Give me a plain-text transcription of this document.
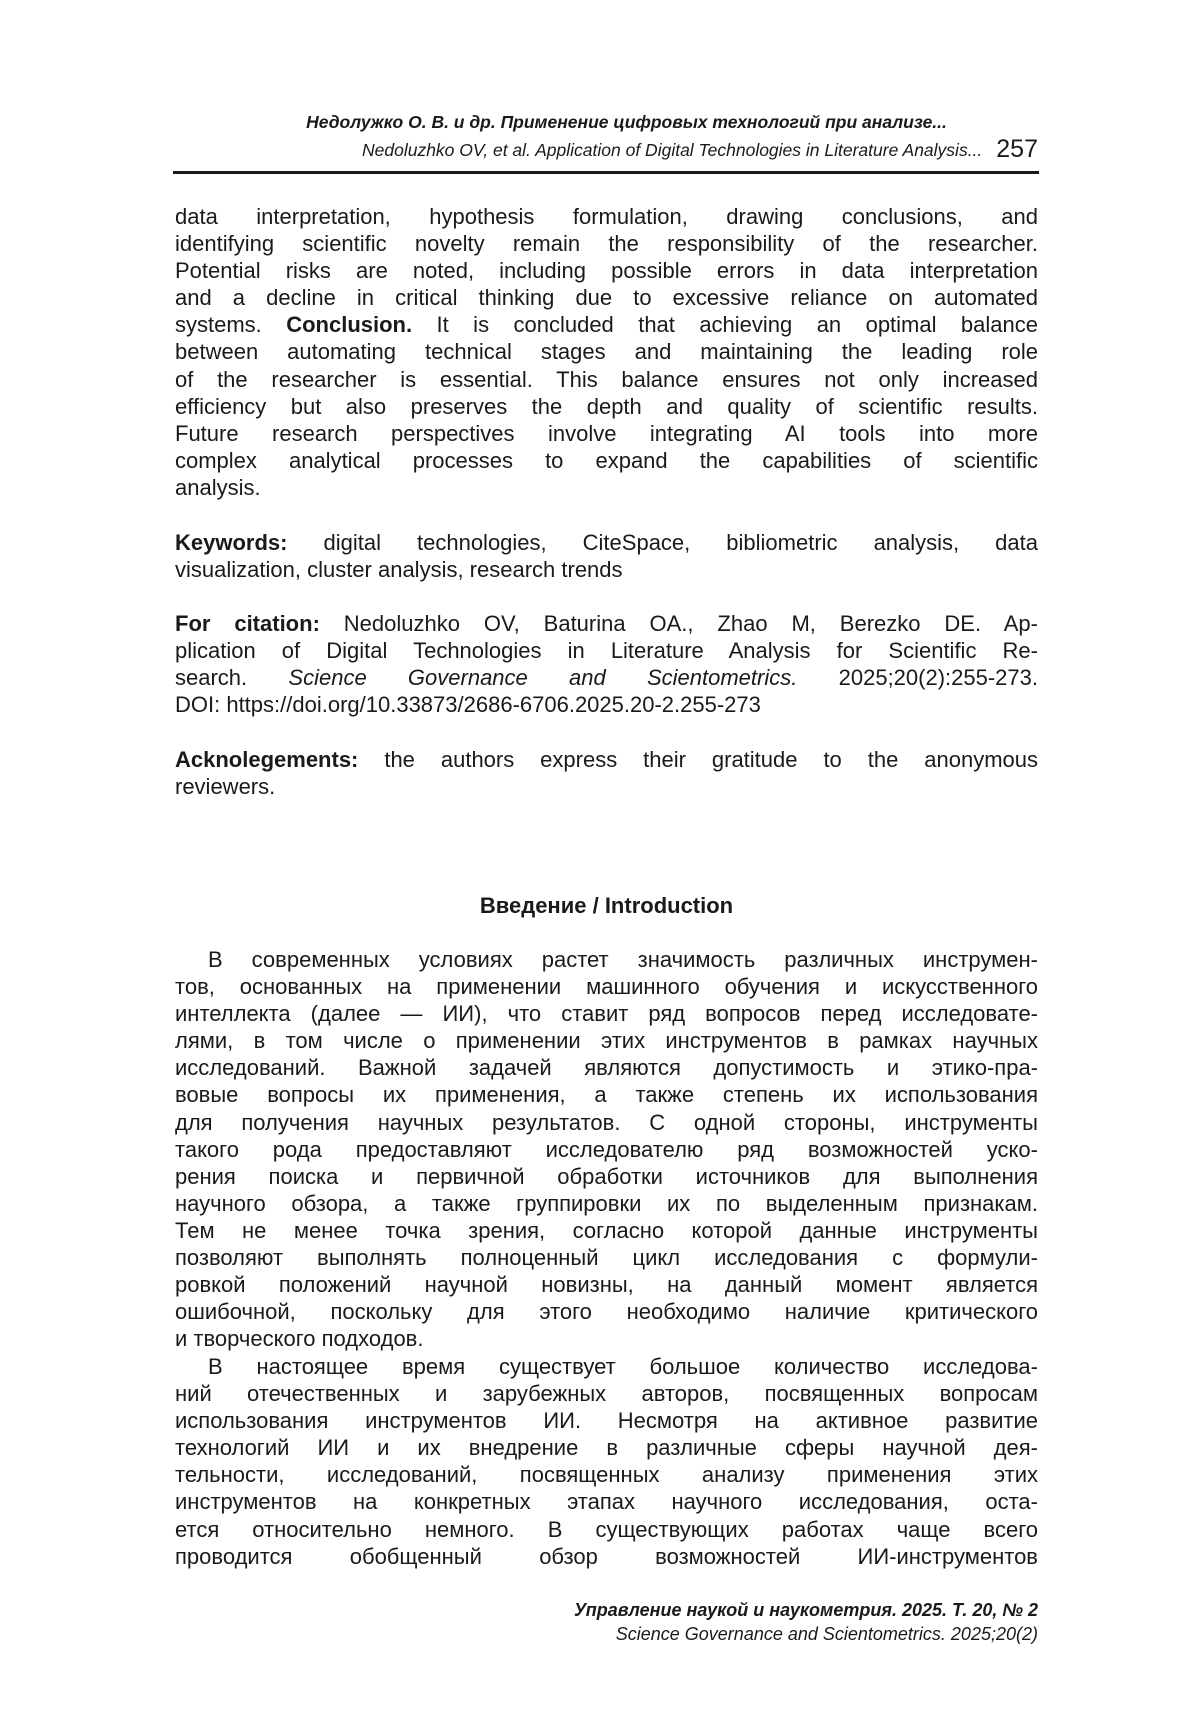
Недолужко О. В. и др. Применение цифровых технологий при анализе...
Nedoluzhko OV, et al. Application of Digital Technologies in Literature Analysis... 257
data interpretation, hypothesis formulation, drawing conclusions, and
identifying scientific novelty remain the responsibility of the researcher.
Potential risks are noted, including possible errors in data interpretation
and a decline in critical thinking due to excessive reliance on automated
systems. Conclusion. It is concluded that achieving an optimal balance
between automating technical stages and maintaining the leading role
of the researcher is essential. This balance ensures not only increased
efficiency but also preserves the depth and quality of scientific results.
Future research perspectives involve integrating AI tools into more
complex analytical processes to expand the capabilities of scientific
analysis.
Keywords: digital technologies, CiteSpace, bibliometric analysis, data
visualization, cluster analysis, research trends
For citation: Nedoluzhko OV, Baturina OA., Zhao M, Berezko DE. Ap-
plication of Digital Technologies in Literature Analysis for Scientific Re-
search. Science Governance and Scientometrics. 2025;20(2):255-273.
DOI: https://doi.org/10.33873/2686-6706.2025.20-2.255-273
Acknolegements: the authors express their gratitude to the anonymous
reviewers.
Введение / Introduction
В современных условиях растет значимость различных инструмен-
тов, основанных на применении машинного обучения и искусственного
интеллекта (далее — ИИ), что ставит ряд вопросов перед исследовате-
лями, в том числе о применении этих инструментов в рамках научных
исследований. Важной задачей являются допустимость и этико-пра-
вовые вопросы их применения, а также степень их использования
для получения научных результатов. С одной стороны, инструменты
такого рода предоставляют исследователю ряд возможностей уско-
рения поиска и первичной обработки источников для выполнения
научного обзора, а также группировки их по выделенным признакам.
Тем не менее точка зрения, согласно которой данные инструменты
позволяют выполнять полноценный цикл исследования с формули-
ровкой положений научной новизны, на данный момент является
ошибочной, поскольку для этого необходимо наличие критического
и творческого подходов.
В настоящее время существует большое количество исследова-
ний отечественных и зарубежных авторов, посвященных вопросам
использования инструментов ИИ. Несмотря на активное развитие
технологий ИИ и их внедрение в различные сферы научной дея-
тельности, исследований, посвященных анализу применения этих
инструментов на конкретных этапах научного исследования, оста-
ется относительно немного. В существующих работах чаще всего
проводится обобщенный обзор возможностей ИИ-инструментов
Управление наукой и наукометрия. 2025. Т. 20, № 2
Science Governance and Scientometrics. 2025;20(2)
